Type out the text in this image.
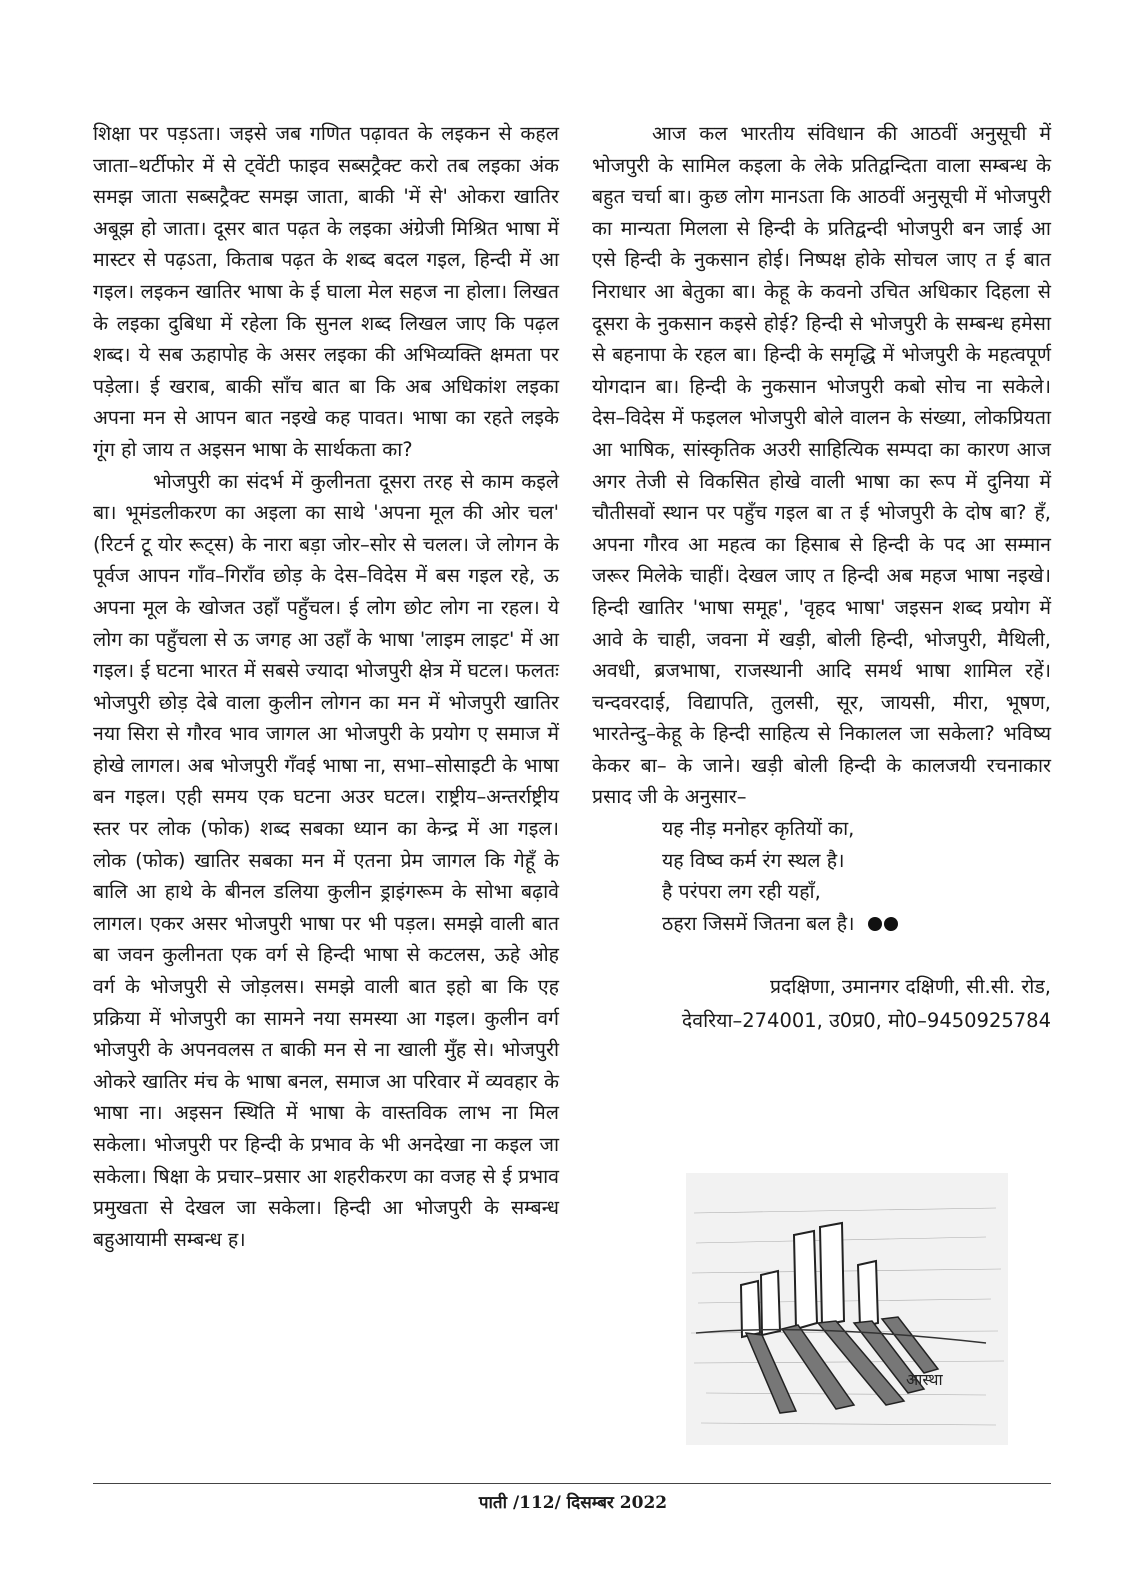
शिक्षा पर पड़ऽता। जइसे जब गणित पढ़ावत के लइकन से कहल जाता–थर्टीफोर में से ट्वेंटी फाइव सब्सट्रैक्ट करो तब लइका अंक समझ जाता सब्सट्रैक्ट समझ जाता, बाकी 'में से' ओकरा खातिर अबूझ हो जाता। दूसर बात पढ़त के लइका अंग्रेजी मिश्रित भाषा में मास्टर से पढ़ऽता, किताब पढ़त के शब्द बदल गइल, हिन्दी में आ गइल। लइकन खातिर भाषा के ई घाला मेल सहज ना होला। लिखत के लइका दुबिधा में रहेला कि सुनल शब्द लिखल जाए कि पढ़ल शब्द। ये सब ऊहापोह के असर लइका की अभिव्यक्ति क्षमता पर पड़ेला। ई खराब, बाकी साँच बात बा कि अब अधिकांश लइका अपना मन से आपन बात नइखे कह पावत। भाषा का रहते लइके गूंग हो जाय त अइसन भाषा के सार्थकता का?

भोजपुरी का संदर्भ में कुलीनता दूसरा तरह से काम कइले बा। भूमंडलीकरण का अइला का साथे 'अपना मूल की ओर चल' (रिटर्न टू योर रूट्स) के नारा बड़ा जोर–सोर से चलल। जे लोगन के पूर्वज आपन गाँव–गिराँव छोड़ के देस–विदेस में बस गइल रहे, ऊ अपना मूल के खोजत उहाँ पहुँचल। ई लोग छोट लोग ना रहल। ये लोग का पहुँचला से ऊ जगह आ उहाँ के भाषा 'लाइम लाइट' में आ गइल। ई घटना भारत में सबसे ज्यादा भोजपुरी क्षेत्र में घटल। फलतः भोजपुरी छोड़ देबे वाला कुलीन लोगन का मन में भोजपुरी खातिर नया सिरा से गौरव भाव जागल आ भोजपुरी के प्रयोग ए समाज में होखे लागल। अब भोजपुरी गँवई भाषा ना, सभा–सोसाइटी के भाषा बन गइल। एही समय एक घटना अउर घटल। राष्ट्रीय–अन्तर्राष्ट्रीय स्तर पर लोक (फोक) शब्द सबका ध्यान का केन्द्र में आ गइल। लोक (फोक) खातिर सबका मन में एतना प्रेम जागल कि गेहूँ के बालि आ हाथे के बीनल डलिया कुलीन ड्राइंगरूम के सोभा बढ़ावे लागल। एकर असर भोजपुरी भाषा पर भी पड़ल। समझे वाली बात बा जवन कुलीनता एक वर्ग से हिन्दी भाषा से कटलस, ऊहे ओह वर्ग के भोजपुरी से जोड़लस। समझे वाली बात इहो बा कि एह प्रक्रिया में भोजपुरी का सामने नया समस्या आ गइल। कुलीन वर्ग भोजपुरी के अपनवलस त बाकी मन से ना खाली मुँह से। भोजपुरी ओकरे खातिर मंच के भाषा बनल, समाज आ परिवार में व्यवहार के भाषा ना। अइसन स्थिति में भाषा के वास्तविक लाभ ना मिल सकेला। भोजपुरी पर हिन्दी के प्रभाव के भी अनदेखा ना कइल जा सकेला। षिक्षा के प्रचार–प्रसार आ शहरीकरण का वजह से ई प्रभाव प्रमुखता से देखल जा सकेला। हिन्दी आ भोजपुरी के सम्बन्ध बहुआयामी सम्बन्ध ह।

आज कल भारतीय संविधान की आठवीं अनुसूची में भोजपुरी के सामिल कइला के लेके प्रतिद्वन्दिता वाला सम्बन्ध के बहुत चर्चा बा। कुछ लोग मानऽता कि आठवीं अनुसूची में भोजपुरी का मान्यता मिलला से हिन्दी के प्रतिद्वन्दी भोजपुरी बन जाई आ एसे हिन्दी के नुकसान होई। निष्पक्ष होके सोचल जाए त ई बात निराधार आ बेतुका बा। केहू के कवनो उचित अधिकार दिहला से दूसरा के नुकसान कइसे होई? हिन्दी से भोजपुरी के सम्बन्ध हमेसा से बहनापा के रहल बा। हिन्दी के समृद्धि में भोजपुरी के महत्वपूर्ण योगदान बा। हिन्दी के नुकसान भोजपुरी कबो सोच ना सकेले। देस–विदेस में फइलल भोजपुरी बोले वालन के संख्या, लोकप्रियता आ भाषिक, सांस्कृतिक अउरी साहित्यिक सम्पदा का कारण आज अगर तेजी से विकसित होखे वाली भाषा का रूप में दुनिया में चौतीसवों स्थान पर पहुँच गइल बा त ई भोजपुरी के दोष बा? हँ, अपना गौरव आ महत्व का हिसाब से हिन्दी के पद आ सम्मान जरूर मिलेके चाहीं। देखल जाए त हिन्दी अब महज भाषा नइखे। हिन्दी खातिर 'भाषा समूह', 'वृहद भाषा' जइसन शब्द प्रयोग में आवे के चाही, जवना में खड़ी, बोली हिन्दी, भोजपुरी, मैथिली, अवधी, ब्रजभाषा, राजस्थानी आदि समर्थ भाषा शामिल रहें। चन्दवरदाई, विद्यापति, तुलसी, सूर, जायसी, मीरा, भूषण, भारतेन्दु–केहू के हिन्दी साहित्य से निकालल जा सकेला? भविष्य केकर बा– के जाने। खड़ी बोली हिन्दी के कालजयी रचनाकार प्रसाद जी के अनुसार–

यह नीड़ मनोहर कृतियों का,
यह विष्व कर्म रंग स्थल है।
है परंपरा लग रही यहाँ,
ठहरा जिसमें जितना बल है।
प्रदक्षिणा, उमानगर दक्षिणी, सी.सी. रोड,
देवरिया–274001, उ0प्र0, मो0–9450925784
आस्था
पाती /112/ दिसम्बर 2022
